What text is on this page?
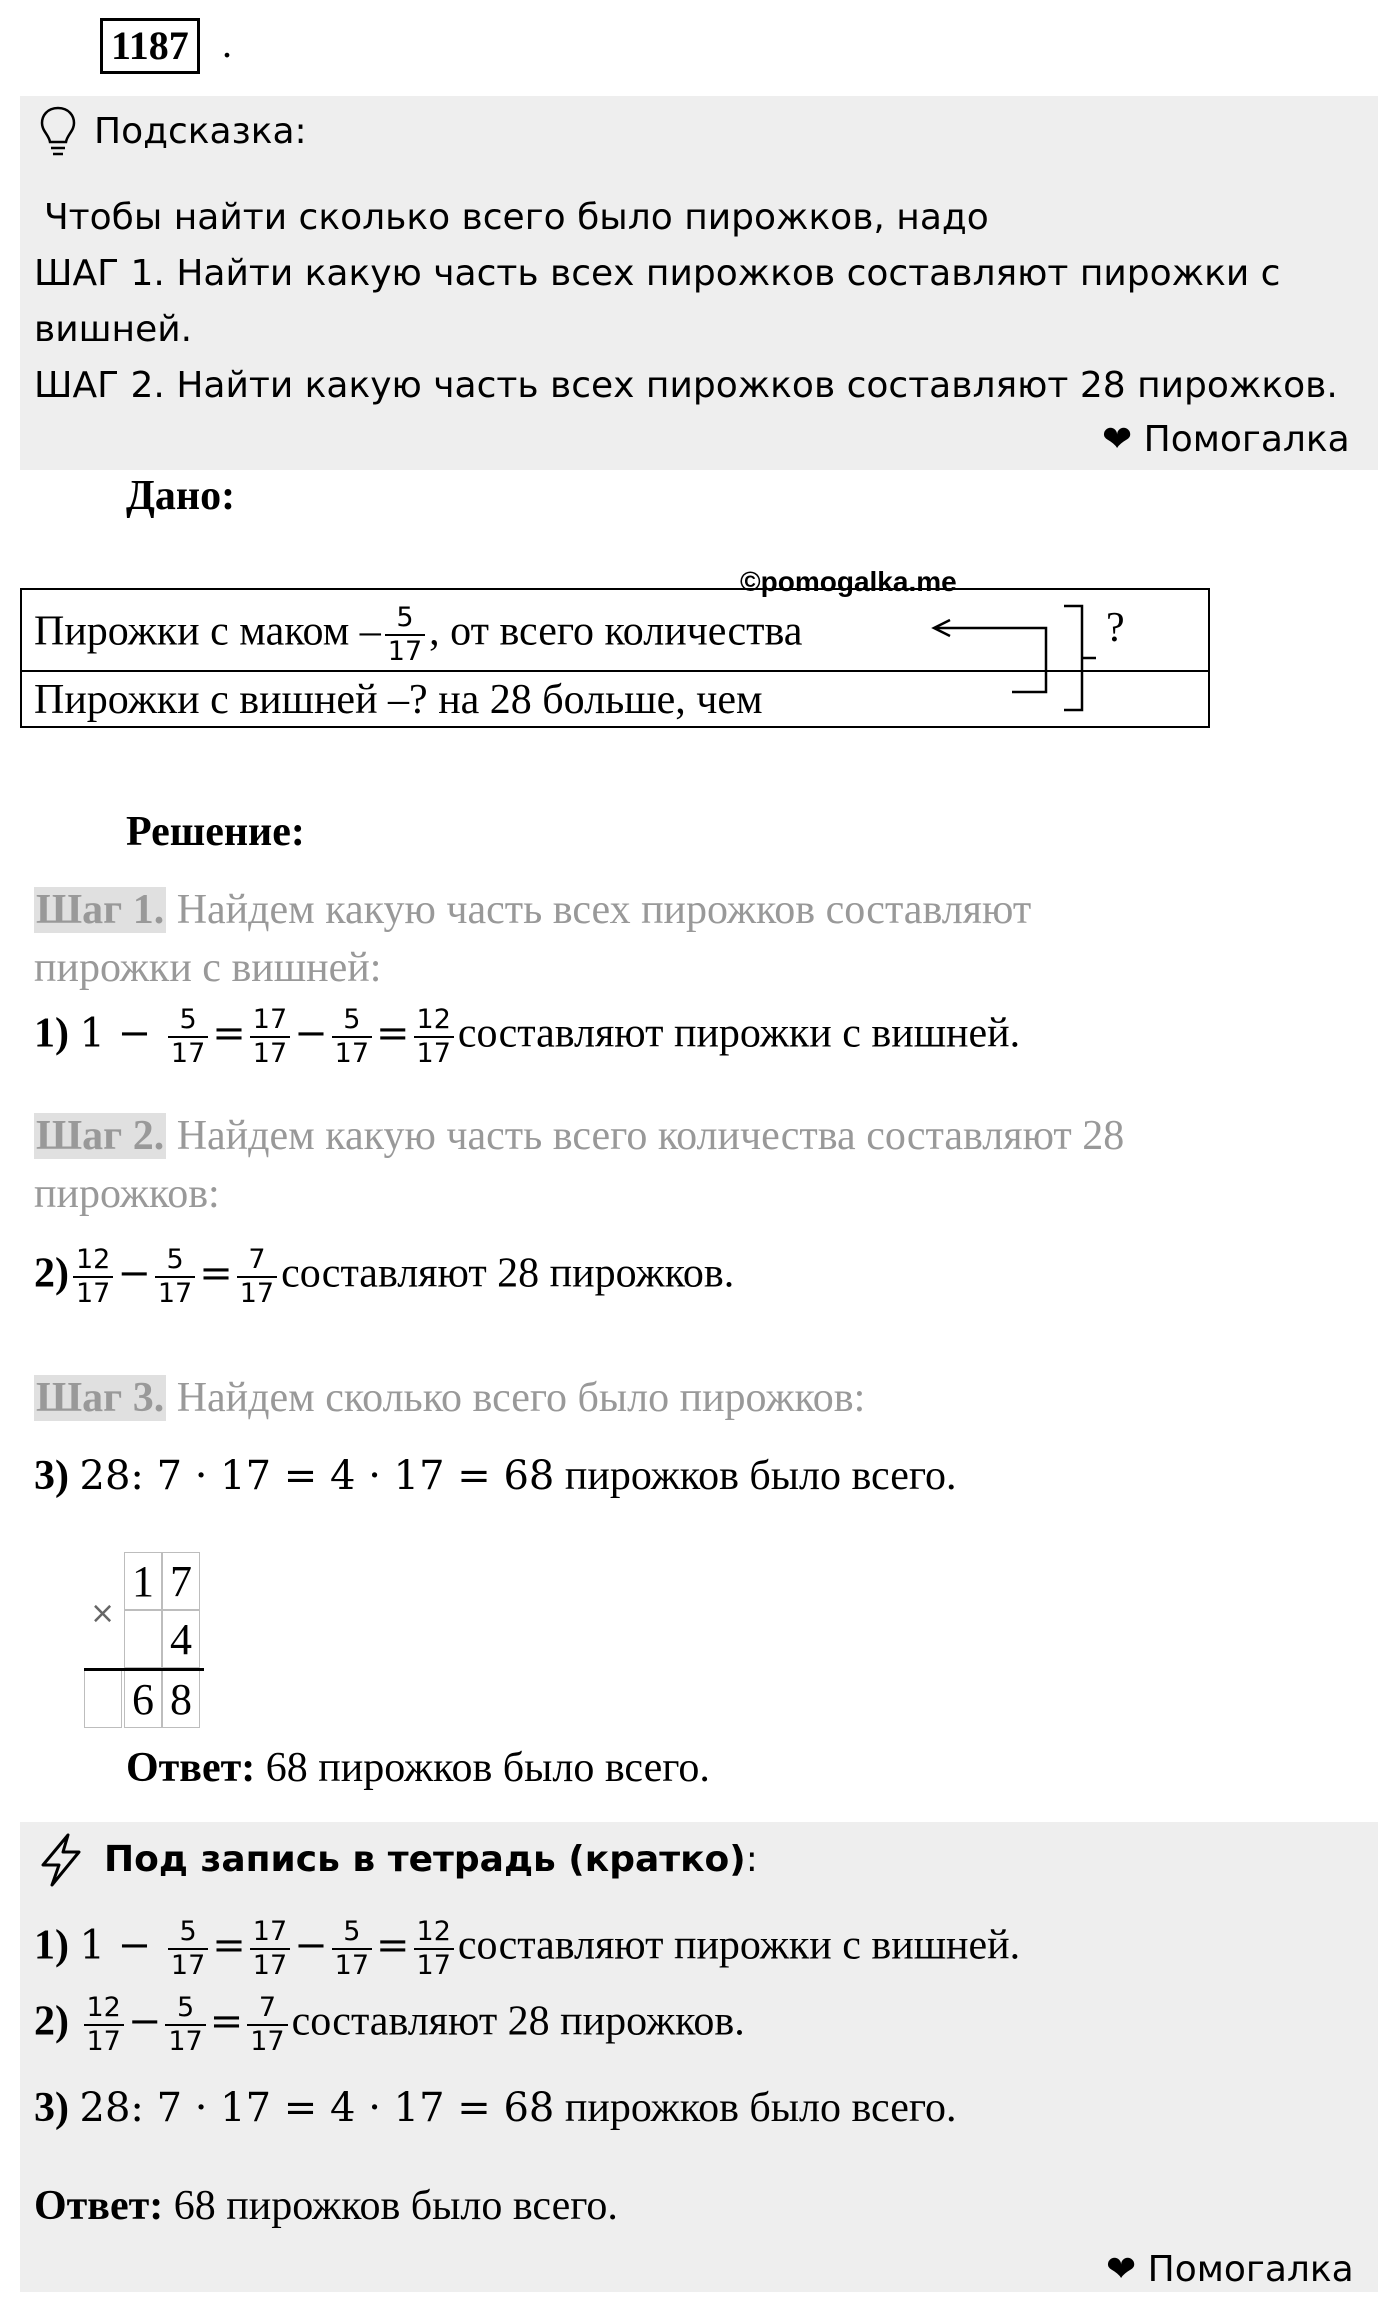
1187 .
Подсказка:
Чтобы найти сколько всего было пирожков, надо
ШАГ 1. Найти какую часть всех пирожков составляют пирожки с
вишней.
ШАГ 2. Найти какую часть всех пирожков составляют 28 пирожков.
❤ Помогалка
Дано:
©pomogalka.me
Пирожки с маком – $\frac{5}{17}$ , от всего количества
Пирожки с вишней –? на 28 больше, чем
?
Решение:
Шаг 1. Найдем какую часть всех пирожков составляют
пирожки с вишней:
1) $1 - \frac{5}{17} = \frac{17}{17} - \frac{5}{17} = \frac{12}{17}$ составляют пирожки с вишней.
Шаг 2. Найдем какую часть всего количества составляют 28
пирожков:
$2) \frac{12}{17} - \frac{5}{17} = \frac{7}{17}$ составляют 28 пирожков.
Шаг 3. Найдем сколько всего было пирожков:
3) 28: 7 · 17 = 4 · 17 = 68 пирожков было всего.
×
1 7
4
6 8
Ответ: 68 пирожков было всего.
Под запись в тетрадь (кратко):
1) $1 - \frac{5}{17} = \frac{17}{17} - \frac{5}{17} = \frac{12}{17}$ составляют пирожки с вишней.
$2) \frac{12}{17} - \frac{5}{17} = \frac{7}{17}$ составляют 28 пирожков.
3) 28: 7 · 17 = 4 · 17 = 68 пирожков было всего.
Ответ: 68 пирожков было всего.
❤ Помогалка
